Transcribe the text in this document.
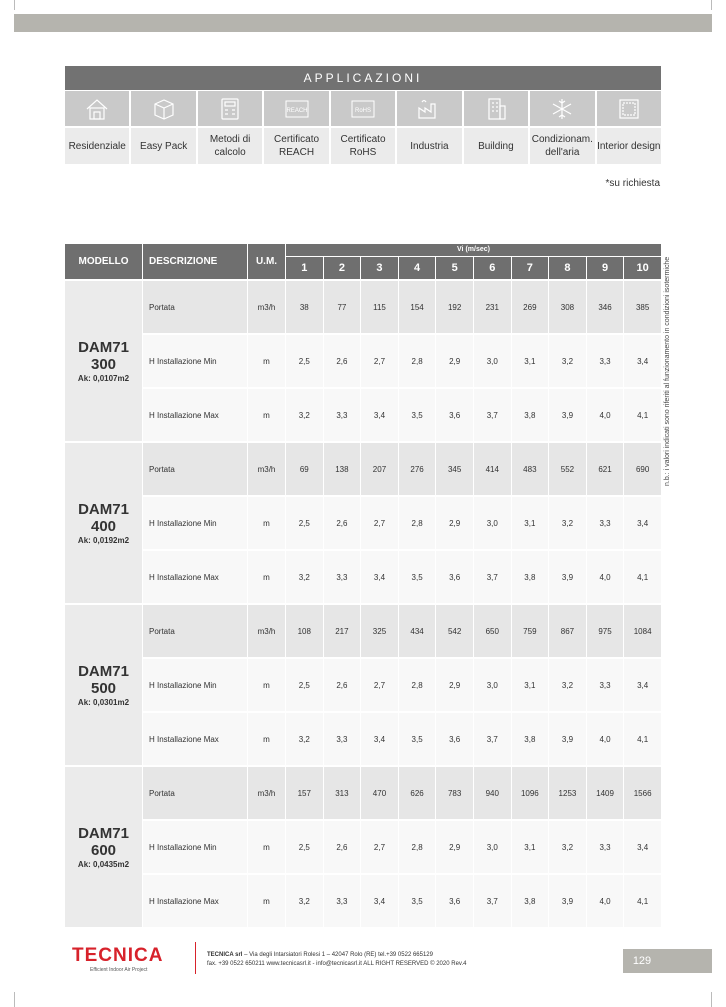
APPLICAZIONI
REACH	RoHS
Residenziale	Easy Pack
Metodi di calcolo
Certificato REACH
Certificato RoHS
Industria	Building
Condizionam. dell'aria
Interior design
*su richiesta
MODELLO	DESCRIZIONE	U.M.
Vi (m/sec)
1	2	3	4	5	6	7	8	9	10
DAM71
300
Ak: 0,0107m2
Portata	m3/h	38	77	115	154	192	231	269	308	346	385
H Installazione Min	m	2,5	2,6	2,7	2,8	2,9	3,0	3,1	3,2	3,3	3,4
H Installazione Max	m	3,2	3,3	3,4	3,5	3,6	3,7	3,8	3,9	4,0	4,1
DAM71
400
Ak: 0,0192m2
Portata	m3/h	69	138	207	276	345	414	483	552	621	690
H Installazione Min	m	2,5	2,6	2,7	2,8	2,9	3,0	3,1	3,2	3,3	3,4
H Installazione Max	m	3,2	3,3	3,4	3,5	3,6	3,7	3,8	3,9	4,0	4,1
DAM71
500
Ak: 0,0301m2
Portata	m3/h	108	217	325	434	542	650	759	867	975	1084
H Installazione Min	m	2,5	2,6	2,7	2,8	2,9	3,0	3,1	3,2	3,3	3,4
H Installazione Max	m	3,2	3,3	3,4	3,5	3,6	3,7	3,8	3,9	4,0	4,1
DAM71
600
Ak: 0,0435m2
Portata	m3/h	157	313	470	626	783	940	1096	1253	1409	1566
H Installazione Min	m	2,5	2,6	2,7	2,8	2,9	3,0	3,1	3,2	3,3	3,4
H Installazione Max	m	3,2	3,3	3,4	3,5	3,6	3,7	3,8	3,9	4,0	4,1
n.b.: i valori indicati sono riferiti al funzionamento in condizioni isotermiche
TECNICA
Efficient Indoor Air Project
TECNICA srl – Via degli Intarsiatori Rolesi 1 – 42047 Rolo (RE) tel.+39 0522 665129
fax. +39 0522 650211 www.tecnicasrl.it - info@tecnicasrl.it ALL RIGHT RESERVED © 2020 Rev.4	129
